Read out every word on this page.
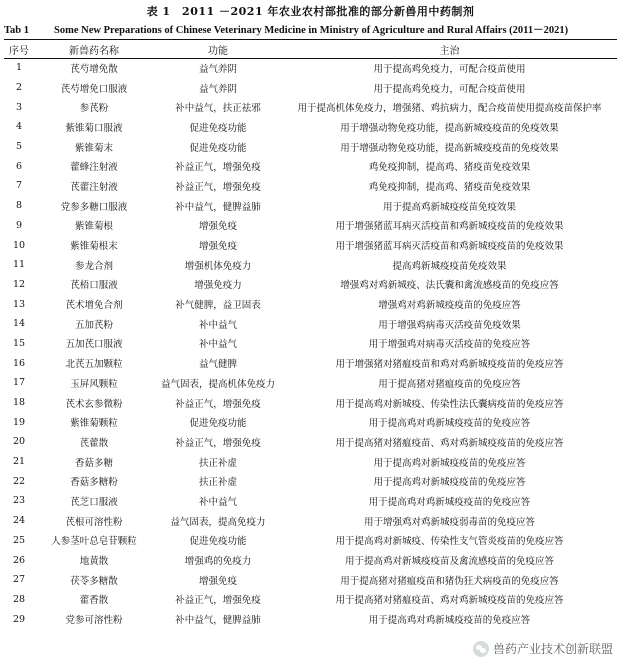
表 1　2011 －2021 年农业农村部批准的部分新兽用中药制剂
Tab 1 Some New Preparations of Chinese Veterinary Medicine in Ministry of Agriculture and Rural Affairs (2011－2021)
序号	新兽药名称	功能	主治
1	芪芍增免散	益气养阴	用于提高鸡免疫力，可配合疫苗使用
2	芪芍增免口服液	益气养阴	用于提高鸡免疫力，可配合疫苗使用
3	参芪粉	补中益气，扶正祛邪	用于提高机体免疫力，增强猪、鸡抗病力，配合疫苗使用提高疫苗保护率
4	紫锥菊口服液	促进免疫功能	用于增强动物免疫功能，提高新城疫疫苗的免疫效果
5	紫锥菊末	促进免疫功能	用于增强动物免疫功能，提高新城疫疫苗的免疫效果
6	藿蜂注射液	补益正气，增强免疫	鸡免疫抑制，提高鸡、猪疫苗免疫效果
7	芪藿注射液	补益正气，增强免疫	鸡免疫抑制，提高鸡、猪疫苗免疫效果
8	党参多糖口服液	补中益气，健脾益肺	用于提高鸡新城疫疫苗免疫效果
9	紫锥菊根	增强免疫	用于增强猪蓝耳病灭活疫苗和鸡新城疫疫苗的免疫效果
10	紫锥菊根末	增强免疫	用于增强猪蓝耳病灭活疫苗和鸡新城疫疫苗的免疫效果
11	参龙合剂	增强机体免疫力	提高鸡新城疫疫苗免疫效果
12	芪梧口服液	增强免疫力	增强鸡对鸡新城疫、法氏囊和禽流感疫苗的免疫应答
13	芪术增免合剂	补气健脾，益卫固表	增强鸡对鸡新城疫疫苗的免疫应答
14	五加芪粉	补中益气	用于增强鸡病毒灭活疫苗免疫效果
15	五加芪口服液	补中益气	用于增强鸡对病毒灭活疫苗的免疫应答
16	北芪五加颗粒	益气健脾	用于增强猪对猪瘟疫苗和鸡对鸡新城疫疫苗的免疫应答
17	玉屏风颗粒	益气固表，提高机体免疫力	用于提高猪对猪瘟疫苗的免疫应答
18	芪术玄参微粉	补益正气，增强免疫	用于提高鸡对新城疫、传染性法氏囊病疫苗的免疫应答
19	紫锥菊颗粒	促进免疫功能	用于提高鸡对鸡新城疫疫苗的免疫应答
20	芪藿散	补益正气，增强免疫	用于提高猪对猪瘟疫苗、鸡对鸡新城疫疫苗的免疫应答
21	香菇多糖	扶正补虚	用于提高鸡对新城疫疫苗的免疫应答
22	香菇多糖粉	扶正补虚	用于提高鸡对新城疫疫苗的免疫应答
23	芪芝口服液	补中益气	用于提高鸡对鸡新城疫疫苗的免疫应答
24	芪根可溶性粉	益气固表，提高免疫力	用于增强鸡对鸡新城疫弱毒苗的免疫应答
25	人参茎叶总皂苷颗粒	促进免疫功能	用于提高鸡对新城疫、传染性支气管炎疫苗的免疫应答
26	地黄散	增强鸡的免疫力	用于提高鸡对新城疫疫苗及禽流感疫苗的免疫应答
27	茯苓多糖散	增强免疫	用于提高猪对猪瘟疫苗和猪伪狂犬病疫苗的免疫应答
28	藿香散	补益正气，增强免疫	用于提高猪对猪瘟疫苗、鸡对鸡新城疫疫苗的免疫应答
29	党参可溶性粉	补中益气，健脾益肺	用于提高鸡对鸡新城疫疫苗的免疫应答
兽药产业技术创新联盟
